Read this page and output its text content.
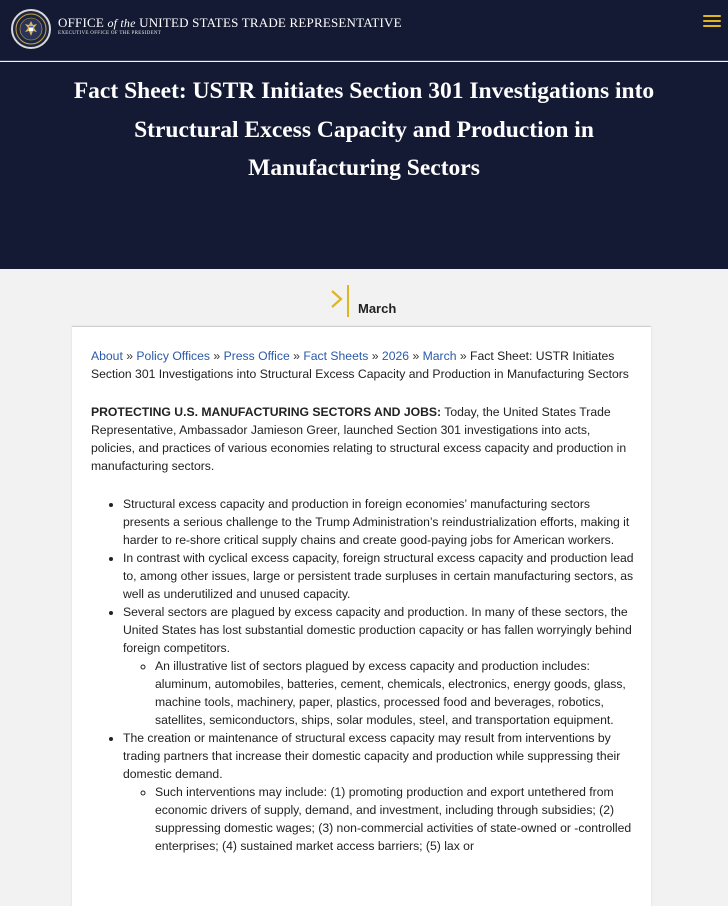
OFFICE of the UNITED STATES TRADE REPRESENTATIVE
EXECUTIVE OFFICE OF THE PRESIDENT
Fact Sheet: USTR Initiates Section 301 Investigations into Structural Excess Capacity and Production in Manufacturing Sectors
March
About » Policy Offices » Press Office » Fact Sheets » 2026 » March » Fact Sheet: USTR Initiates Section 301 Investigations into Structural Excess Capacity and Production in Manufacturing Sectors

PROTECTING U.S. MANUFACTURING SECTORS AND JOBS: Today, the United States Trade Representative, Ambassador Jamieson Greer, launched Section 301 investigations into acts, policies, and practices of various economies relating to structural excess capacity and production in manufacturing sectors.

• Structural excess capacity and production in foreign economies’ manufacturing sectors presents a serious challenge to the Trump Administration’s reindustrialization efforts, making it harder to re-shore critical supply chains and create good-paying jobs for American workers.
• In contrast with cyclical excess capacity, foreign structural excess capacity and production lead to, among other issues, large or persistent trade surpluses in certain manufacturing sectors, as well as underutilized and unused capacity.
• Several sectors are plagued by excess capacity and production. In many of these sectors, the United States has lost substantial domestic production capacity or has fallen worryingly behind foreign competitors.
◦ An illustrative list of sectors plagued by excess capacity and production includes: aluminum, automobiles, batteries, cement, chemicals, electronics, energy goods, glass, machine tools, machinery, paper, plastics, processed food and beverages, robotics, satellites, semiconductors, ships, solar modules, steel, and transportation equipment.
• The creation or maintenance of structural excess capacity may result from interventions by trading partners that increase their domestic capacity and production while suppressing their domestic demand.
◦ Such interventions may include: (1) promoting production and export untethered from economic drivers of supply, demand, and investment, including through subsidies; (2) suppressing domestic wages; (3) non-commercial activities of state-owned or -controlled enterprises; (4) sustained market access barriers; (5) lax or
